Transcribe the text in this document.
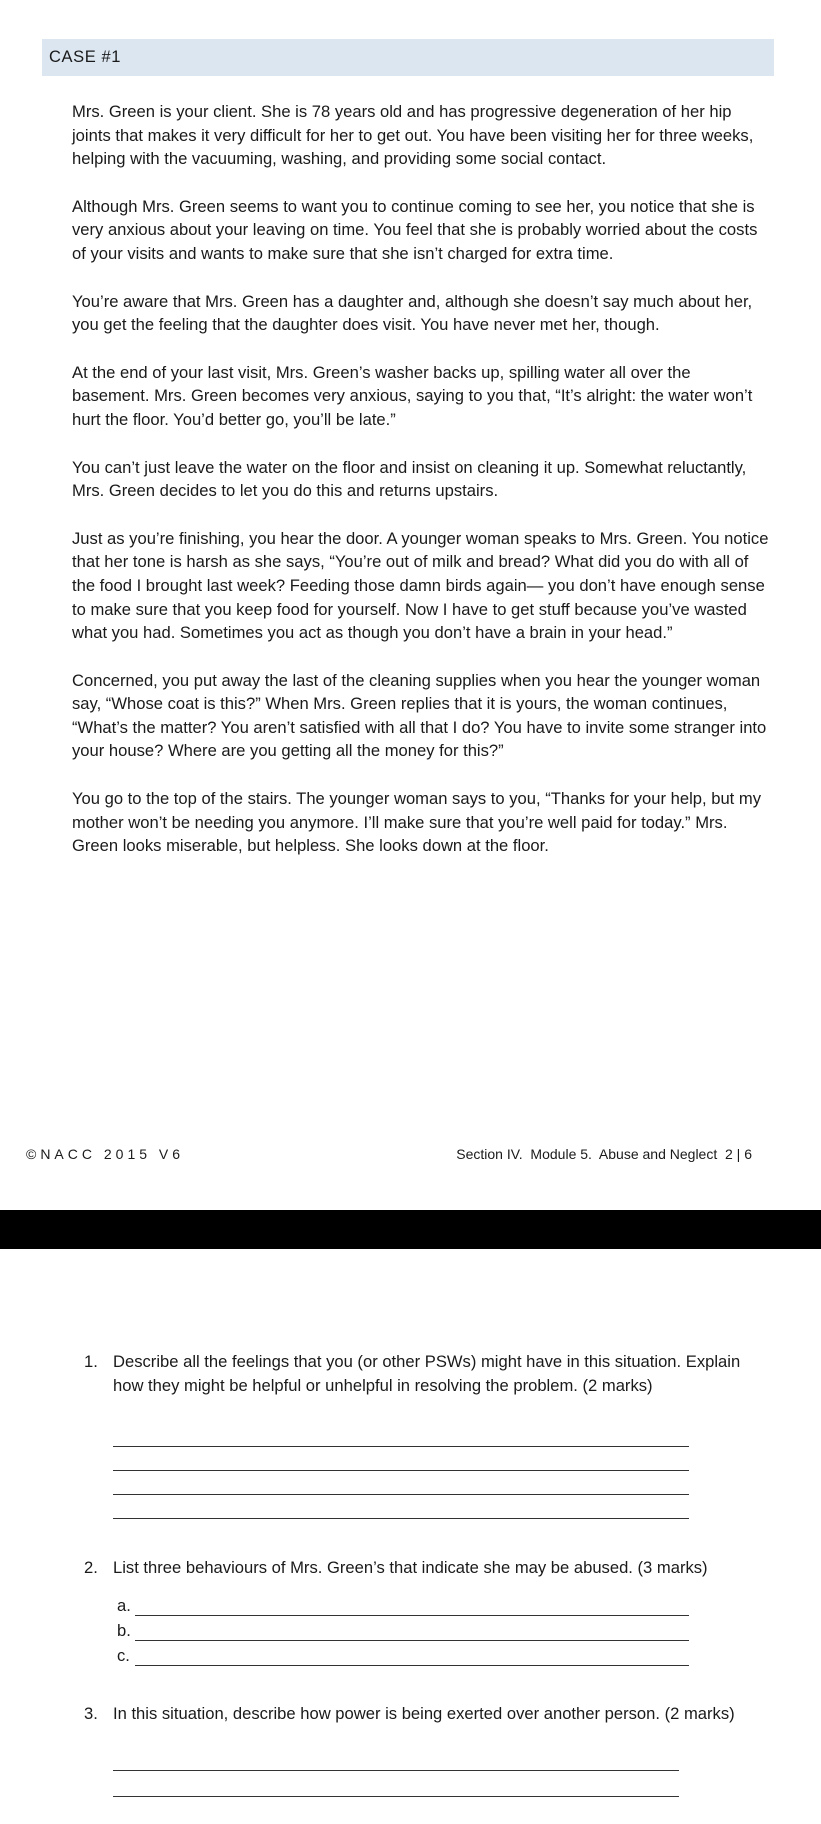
CASE #1

Mrs. Green is your client. She is 78 years old and has progressive degeneration of her hip joints that makes it very difficult for her to get out. You have been visiting her for three weeks, helping with the vacuuming, washing, and providing some social contact.

Although Mrs. Green seems to want you to continue coming to see her, you notice that she is very anxious about your leaving on time. You feel that she is probably worried about the costs of your visits and wants to make sure that she isn’t charged for extra time.

You’re aware that Mrs. Green has a daughter and, although she doesn’t say much about her, you get the feeling that the daughter does visit. You have never met her, though.

At the end of your last visit, Mrs. Green’s washer backs up, spilling water all over the basement. Mrs. Green becomes very anxious, saying to you that, “It’s alright: the water won’t hurt the floor. You’d better go, you’ll be late.”

You can’t just leave the water on the floor and insist on cleaning it up. Somewhat reluctantly, Mrs. Green decides to let you do this and returns upstairs.

Just as you’re finishing, you hear the door. A younger woman speaks to Mrs. Green. You notice that her tone is harsh as she says, “You’re out of milk and bread? What did you do with all of the food I brought last week? Feeding those damn birds again— you don’t have enough sense to make sure that you keep food for yourself. Now I have to get stuff because you’ve wasted what you had. Sometimes you act as though you don’t have a brain in your head.”

Concerned, you put away the last of the cleaning supplies when you hear the younger woman say, “Whose coat is this?” When Mrs. Green replies that it is yours, the woman continues, “What’s the matter? You aren’t satisfied with all that I do? You have to invite some stranger into your house? Where are you getting all the money for this?”

You go to the top of the stairs. The younger woman says to you, “Thanks for your help, but my mother won’t be needing you anymore. I’ll make sure that you’re well paid for today.” Mrs. Green looks miserable, but helpless. She looks down at the floor.

©NACC 2015 V6	Section IV.  Module 5.  Abuse and Neglect  2 | 6
1. Describe all the feelings that you (or other PSWs) might have in this situation. Explain how they might be helpful or unhelpful in resolving the problem. (2 marks)
2. List three behaviours of Mrs. Green’s that indicate she may be abused. (3 marks)
a.
b.
c.
3. In this situation, describe how power is being exerted over another person. (2 marks)
